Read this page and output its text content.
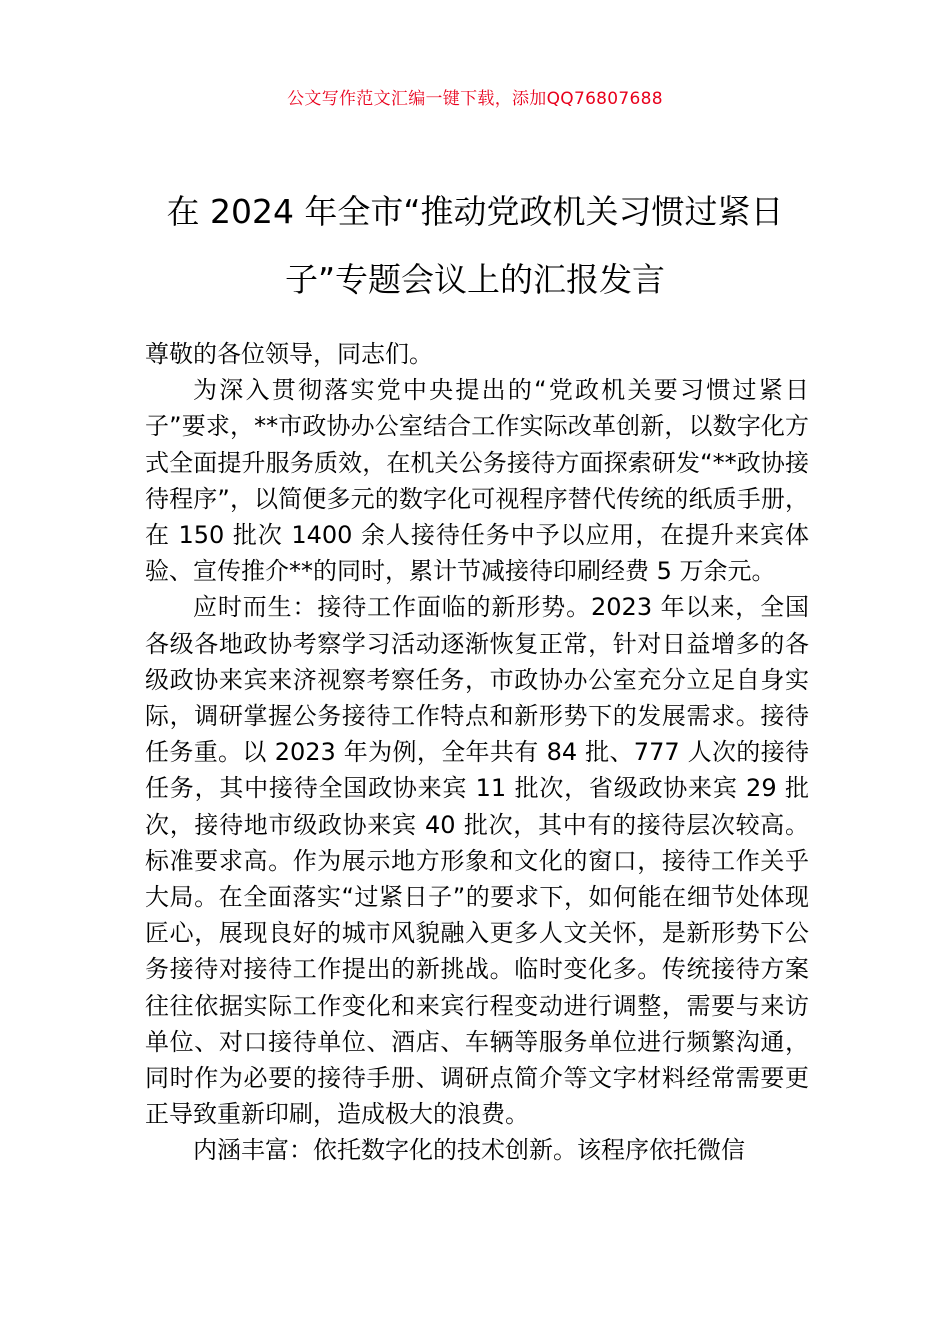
公文写作范文汇编一键下载，添加QQ76807688
在 2024 年全市“推动党政机关习惯过紧日
子”专题会议上的汇报发言

尊敬的各位领导，同志们。

为深入贯彻落实党中央提出的“党政机关要习惯过紧日子”要求，**市政协办公室结合工作实际改革创新，以数字化方式全面提升服务质效，在机关公务接待方面探索研发“**政协接待程序”，以简便多元的数字化可视程序替代传统的纸质手册，在 150 批次 1400 余人接待任务中予以应用，在提升来宾体验、宣传推介**的同时，累计节减接待印刷经费 5 万余元。

应时而生：接待工作面临的新形势。2023 年以来，全国各级各地政协考察学习活动逐渐恢复正常，针对日益增多的各级政协来宾来济视察考察任务，市政协办公室充分立足自身实际，调研掌握公务接待工作特点和新形势下的发展需求。接待任务重。以 2023 年为例，全年共有 84 批、777 人次的接待任务，其中接待全国政协来宾 11 批次，省级政协来宾 29 批次，接待地市级政协来宾 40 批次，其中有的接待层次较高。标准要求高。作为展示地方形象和文化的窗口，接待工作关乎大局。在全面落实“过紧日子”的要求下，如何能在细节处体现匠心，展现良好的城市风貌融入更多人文关怀，是新形势下公务接待对接待工作提出的新挑战。临时变化多。传统接待方案往往依据实际工作变化和来宾行程变动进行调整，需要与来访单位、对口接待单位、酒店、车辆等服务单位进行频繁沟通，同时作为必要的接待手册、调研点简介等文字材料经常需要更正导致重新印刷，造成极大的浪费。

内涵丰富：依托数字化的技术创新。该程序依托微信
